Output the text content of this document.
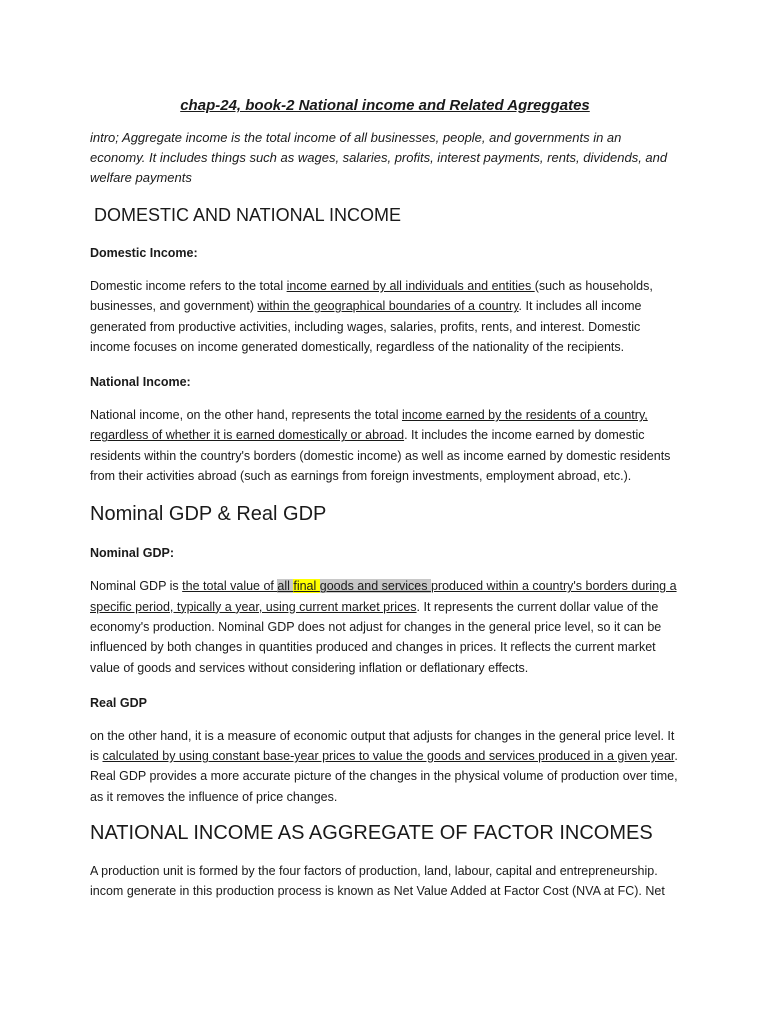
chap-24, book-2 National income and Related Agreggates

intro; Aggregate income is the total income of all businesses, people, and governments in an economy. It includes things such as wages, salaries, profits, interest payments, rents, dividends, and welfare payments

DOMESTIC AND NATIONAL INCOME

Domestic Income:

Domestic income refers to the total income earned by all individuals and entities (such as households, businesses, and government) within the geographical boundaries of a country. It includes all income generated from productive activities, including wages, salaries, profits, rents, and interest. Domestic income focuses on income generated domestically, regardless of the nationality of the recipients.

National Income:

National income, on the other hand, represents the total income earned by the residents of a country, regardless of whether it is earned domestically or abroad. It includes the income earned by domestic residents within the country's borders (domestic income) as well as income earned by domestic residents from their activities abroad (such as earnings from foreign investments, employment abroad, etc.).

Nominal GDP & Real GDP

Nominal GDP:

Nominal GDP is the total value of all final goods and services produced within a country's borders during a specific period, typically a year, using current market prices. It represents the current dollar value of the economy's production. Nominal GDP does not adjust for changes in the general price level, so it can be influenced by both changes in quantities produced and changes in prices. It reflects the current market value of goods and services without considering inflation or deflationary effects.

Real GDP

on the other hand, it is a measure of economic output that adjusts for changes in the general price level. It is calculated by using constant base-year prices to value the goods and services produced in a given year. Real GDP provides a more accurate picture of the changes in the physical volume of production over time, as it removes the influence of price changes.

NATIONAL INCOME AS AGGREGATE OF FACTOR INCOMES

A production unit is formed by the four factors of production, land, labour, capital and entrepreneurship. incom generate in this production process is known as Net Value Added at Factor Cost (NVA at FC). Net
